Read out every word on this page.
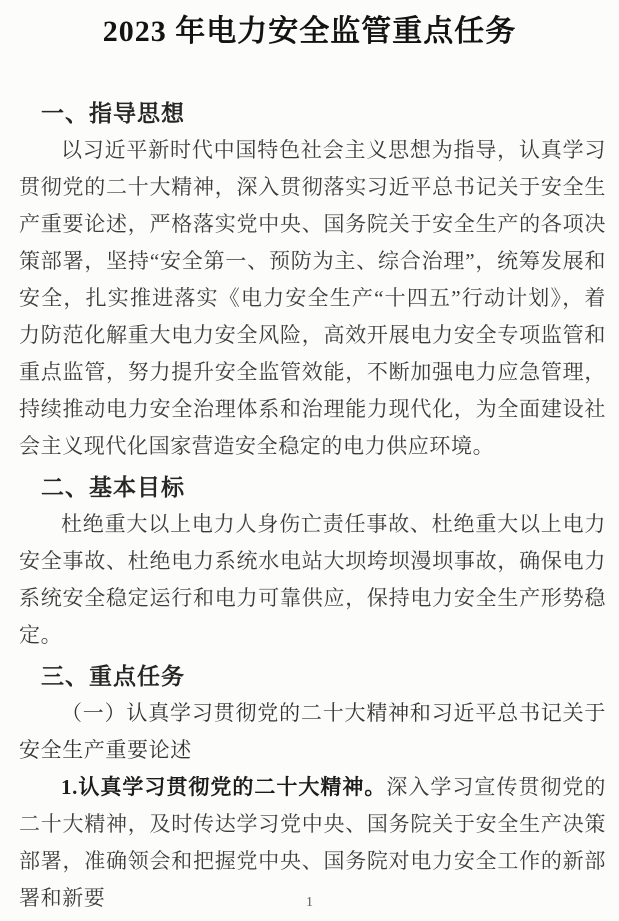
2023 年电力安全监管重点任务
一、指导思想

以习近平新时代中国特色社会主义思想为指导，认真学习贯彻党的二十大精神，深入贯彻落实习近平总书记关于安全生产重要论述，严格落实党中央、国务院关于安全生产的各项决策部署，坚持“安全第一、预防为主、综合治理”，统筹发展和安全，扎实推进落实《电力安全生产“十四五”行动计划》，着力防范化解重大电力安全风险，高效开展电力安全专项监管和重点监管，努力提升安全监管效能，不断加强电力应急管理，持续推动电力安全治理体系和治理能力现代化，为全面建设社会主义现代化国家营造安全稳定的电力供应环境。

二、基本目标

杜绝重大以上电力人身伤亡责任事故、杜绝重大以上电力安全事故、杜绝电力系统水电站大坝垮坝漫坝事故，确保电力系统安全稳定运行和电力可靠供应，保持电力安全生产形势稳定。

三、重点任务

（一）认真学习贯彻党的二十大精神和习近平总书记关于安全生产重要论述

1.认真学习贯彻党的二十大精神。深入学习宣传贯彻党的二十大精神，及时传达学习党中央、国务院关于安全生产决策部署，准确领会和把握党中央、国务院对电力安全工作的新部署和新要	1
